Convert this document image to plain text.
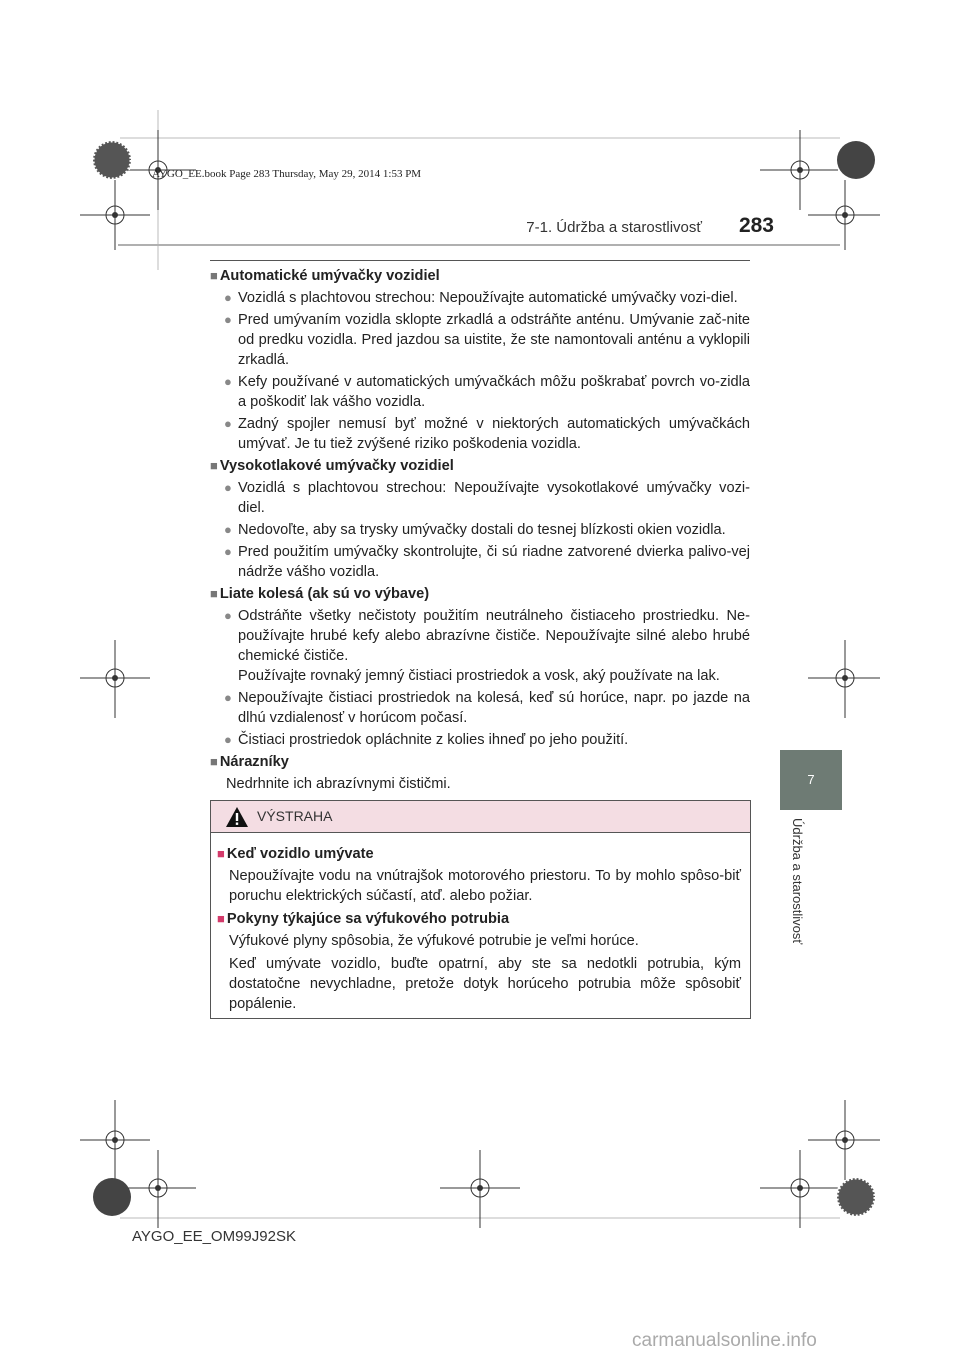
AYGO_EE.book Page 283 Thursday, May 29, 2014 1:53 PM
7-1. Údržba a starostlivosť	283
7
Údržba a starostlivosť
■ Automatické umývačky vozidiel
● Vozidlá s plachtovou strechou: Nepoužívajte automatické umývačky vozi-diel.
● Pred umývaním vozidla sklopte zrkadlá a odstráňte anténu. Umývanie zač-nite od predku vozidla. Pred jazdou sa uistite, že ste namontovali anténu a vyklopili zrkadlá.
● Kefy používané v automatických umývačkách môžu poškrabať povrch vo-zidla a poškodiť lak vášho vozidla.
● Zadný spojler nemusí byť možné v niektorých automatických umývačkách umývať. Je tu tiež zvýšené riziko poškodenia vozidla.
■ Vysokotlakové umývačky vozidiel
● Vozidlá s plachtovou strechou: Nepoužívajte vysokotlakové umývačky vozi-diel.
● Nedovoľte, aby sa trysky umývačky dostali do tesnej blízkosti okien vozidla.
● Pred použitím umývačky skontrolujte, či sú riadne zatvorené dvierka palivo-vej nádrže vášho vozidla.
■ Liate kolesá (ak sú vo výbave)
● Odstráňte všetky nečistoty použitím neutrálneho čistiaceho prostriedku. Ne-používajte hrubé kefy alebo abrazívne čističe. Nepoužívajte silné alebo hrubé chemické čističe.
Používajte rovnaký jemný čistiaci prostriedok a vosk, aký používate na lak.
● Nepoužívajte čistiaci prostriedok na kolesá, keď sú horúce, napr. po jazde na dlhú vzdialenosť v horúcom počasí.
● Čistiaci prostriedok opláchnite z kolies ihneď po jeho použití.
■ Nárazníky
Nedrhnite ich abrazívnymi čističmi.
VÝSTRAHA
■ Keď vozidlo umývate
Nepoužívajte vodu na vnútrajšok motorového priestoru. To by mohlo spôso-biť poruchu elektrických súčastí, atď. alebo požiar.
■ Pokyny týkajúce sa výfukového potrubia
Výfukové plyny spôsobia, že výfukové potrubie je veľmi horúce.
Keď umývate vozidlo, buďte opatrní, aby ste sa nedotkli potrubia, kým dostatočne nevychladne, pretože dotyk horúceho potrubia môže spôsobiť popálenie.
AYGO_EE_OM99J92SK
carmanualsonline.info
